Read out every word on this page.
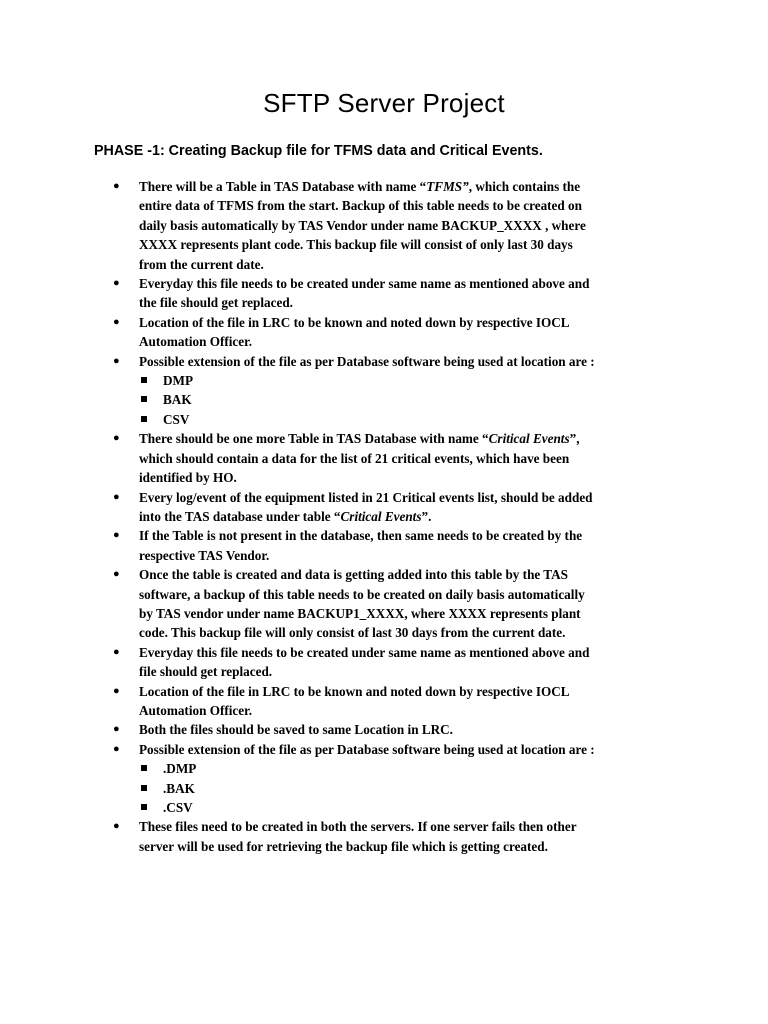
SFTP Server Project

PHASE -1: Creating Backup file for TFMS data and Critical Events.

● There will be a Table in TAS Database with name “TFMS”, which contains the
entire data of TFMS from the start. Backup of this table needs to be created on
daily basis automatically by TAS Vendor under name BACKUP_XXXX , where
XXXX represents plant code. This backup file will consist of only last 30 days
from the current date.
● Everyday this file needs to be created under same name as mentioned above and
the file should get replaced.
● Location of the file in LRC to be known and noted down by respective IOCL
Automation Officer.
● Possible extension of the file as per Database software being used at location are :
DMP
BAK
CSV
● There should be one more Table in TAS Database with name “Critical Events”,
which should contain a data for the list of 21 critical events, which have been
identified by HO.
● Every log/event of the equipment listed in 21 Critical events list, should be added
into the TAS database under table “Critical Events”.
● If the Table is not present in the database, then same needs to be created by the
respective TAS Vendor.
● Once the table is created and data is getting added into this table by the TAS
software, a backup of this table needs to be created on daily basis automatically
by TAS vendor under name BACKUP1_XXXX, where XXXX represents plant
code. This backup file will only consist of last 30 days from the current date.
● Everyday this file needs to be created under same name as mentioned above and
file should get replaced.
● Location of the file in LRC to be known and noted down by respective IOCL
Automation Officer.
● Both the files should be saved to same Location in LRC.
● Possible extension of the file as per Database software being used at location are :
.DMP
.BAK
.CSV
● These files need to be created in both the servers. If one server fails then other
server will be used for retrieving the backup file which is getting created.
